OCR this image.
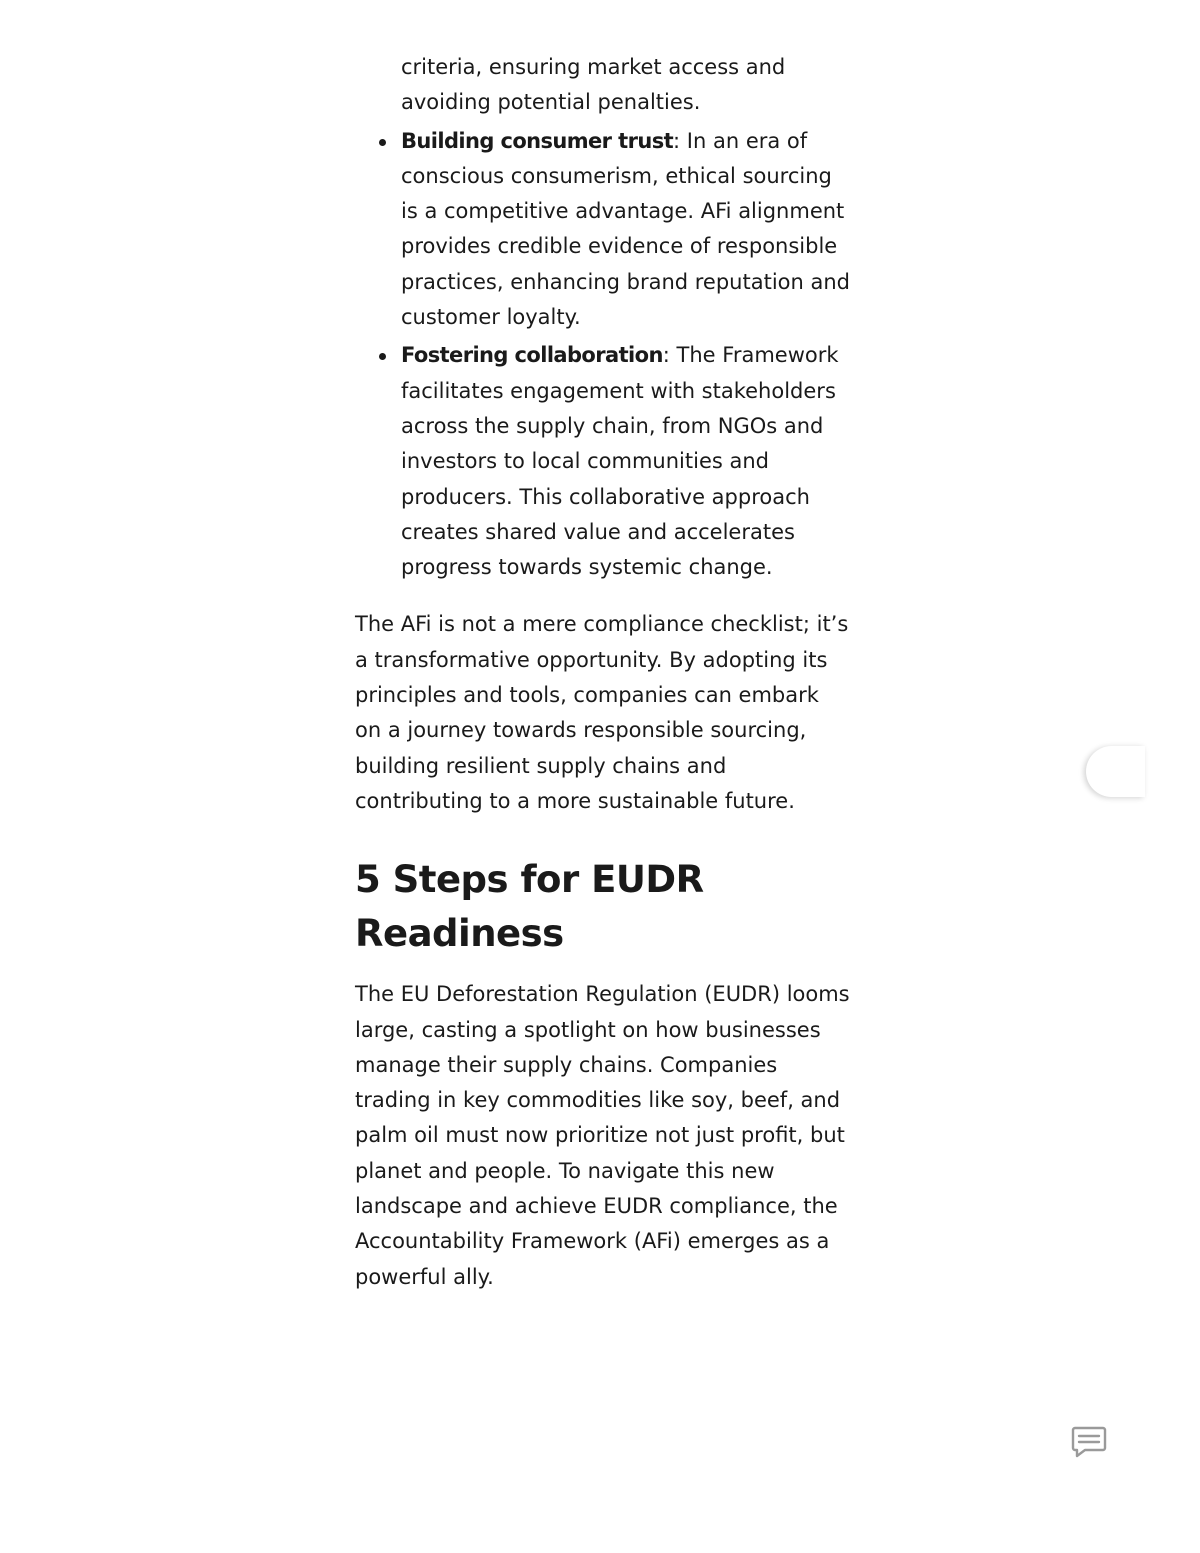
criteria, ensuring market access and avoiding potential penalties.
Building consumer trust: In an era of conscious consumerism, ethical sourcing is a competitive advantage. AFi alignment provides credible evidence of responsible practices, enhancing brand reputation and customer loyalty.
Fostering collaboration: The Framework facilitates engagement with stakeholders across the supply chain, from NGOs and investors to local communities and producers. This collaborative approach creates shared value and accelerates progress towards systemic change.

The AFi is not a mere compliance checklist; it’s a transformative opportunity. By adopting its principles and tools, companies can embark on a journey towards responsible sourcing, building resilient supply chains and contributing to a more sustainable future.

5 Steps for EUDR Readiness

The EU Deforestation Regulation (EUDR) looms large, casting a spotlight on how businesses manage their supply chains. Companies trading in key commodities like soy, beef, and palm oil must now prioritize not just profit, but planet and people. To navigate this new landscape and achieve EUDR compliance, the Accountability Framework (AFi) emerges as a powerful ally.
